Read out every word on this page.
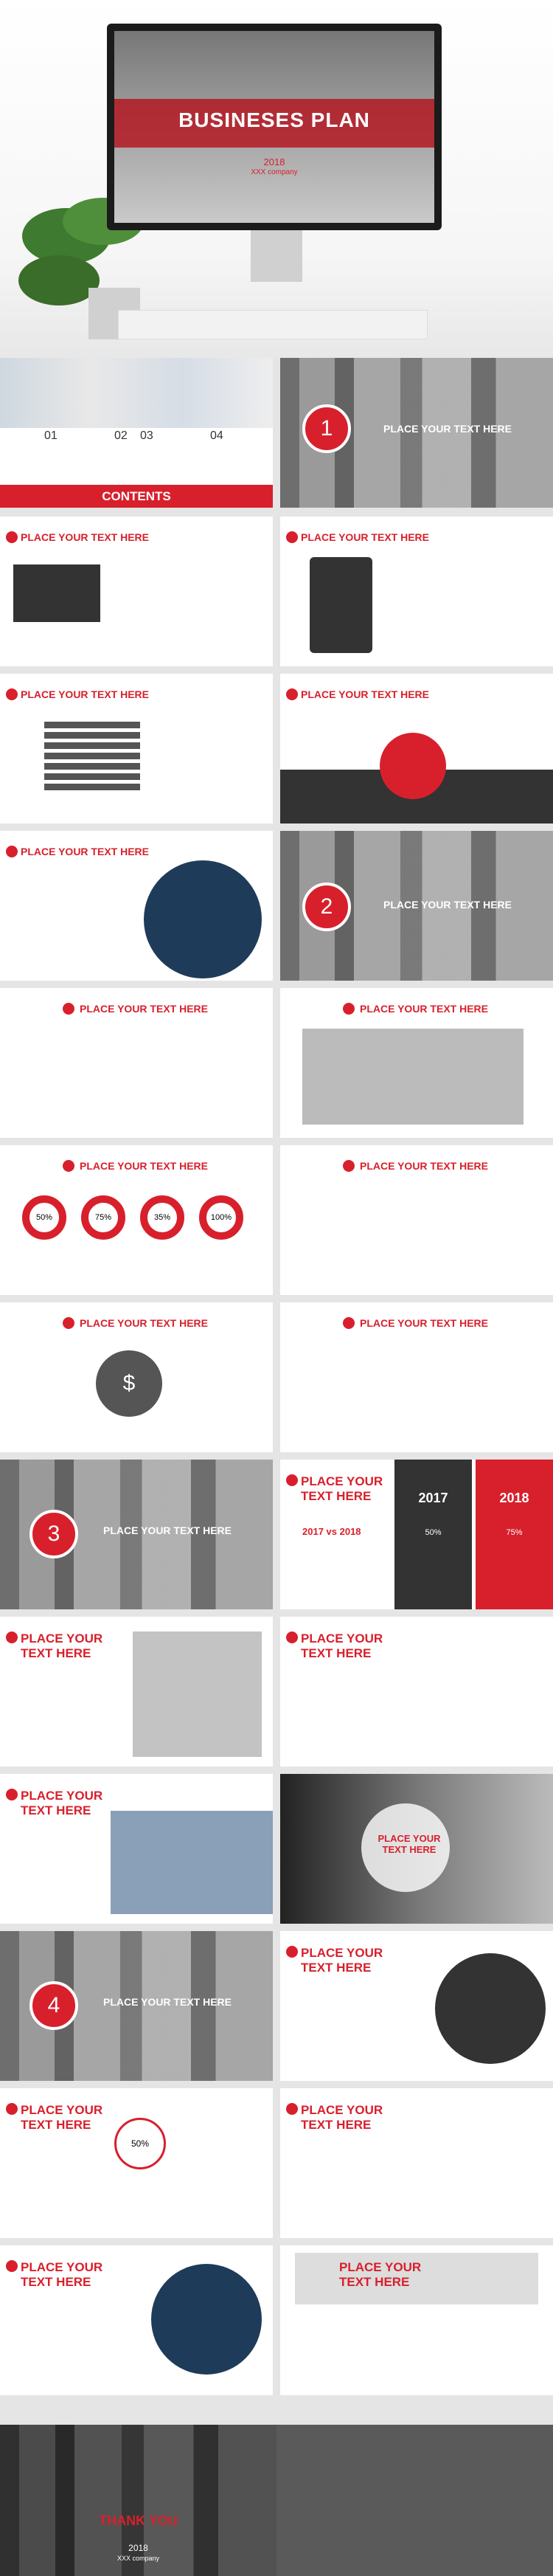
BUSINESES PLAN
2018
XXX company
01	02 03	04
CONTENTS
1	PLACE YOUR TEXT HERE
PLACE YOUR TEXT HERE	PLACE YOUR TEXT HERE
PLACE YOUR TEXT HERE	PLACE YOUR TEXT HERE
PLACE YOUR TEXT HERE
2	PLACE YOUR TEXT HERE
PLACE YOUR TEXT HERE	PLACE YOUR TEXT HERE
PLACE YOUR TEXT HERE
50%	75%	35%	100%
PLACE YOUR TEXT HERE
PLACE YOUR TEXT HERE
$
PLACE YOUR TEXT HERE
3	PLACE YOUR TEXT HERE
PLACE YOUR TEXT HERE
2017 vs 2018
2017
50%
2018
75%
PLACE YOUR TEXT HERE
PLACE YOUR TEXT HERE
PLACE YOUR TEXT HERE
PLACE YOUR TEXT HERE
4	PLACE YOUR TEXT HERE
PLACE YOUR TEXT HERE
PLACE YOUR TEXT HERE
50%
PLACE YOUR TEXT HERE
PLACE YOUR TEXT HERE
PLACE YOUR TEXT HERE
THANK YOU
2018
XXX company
